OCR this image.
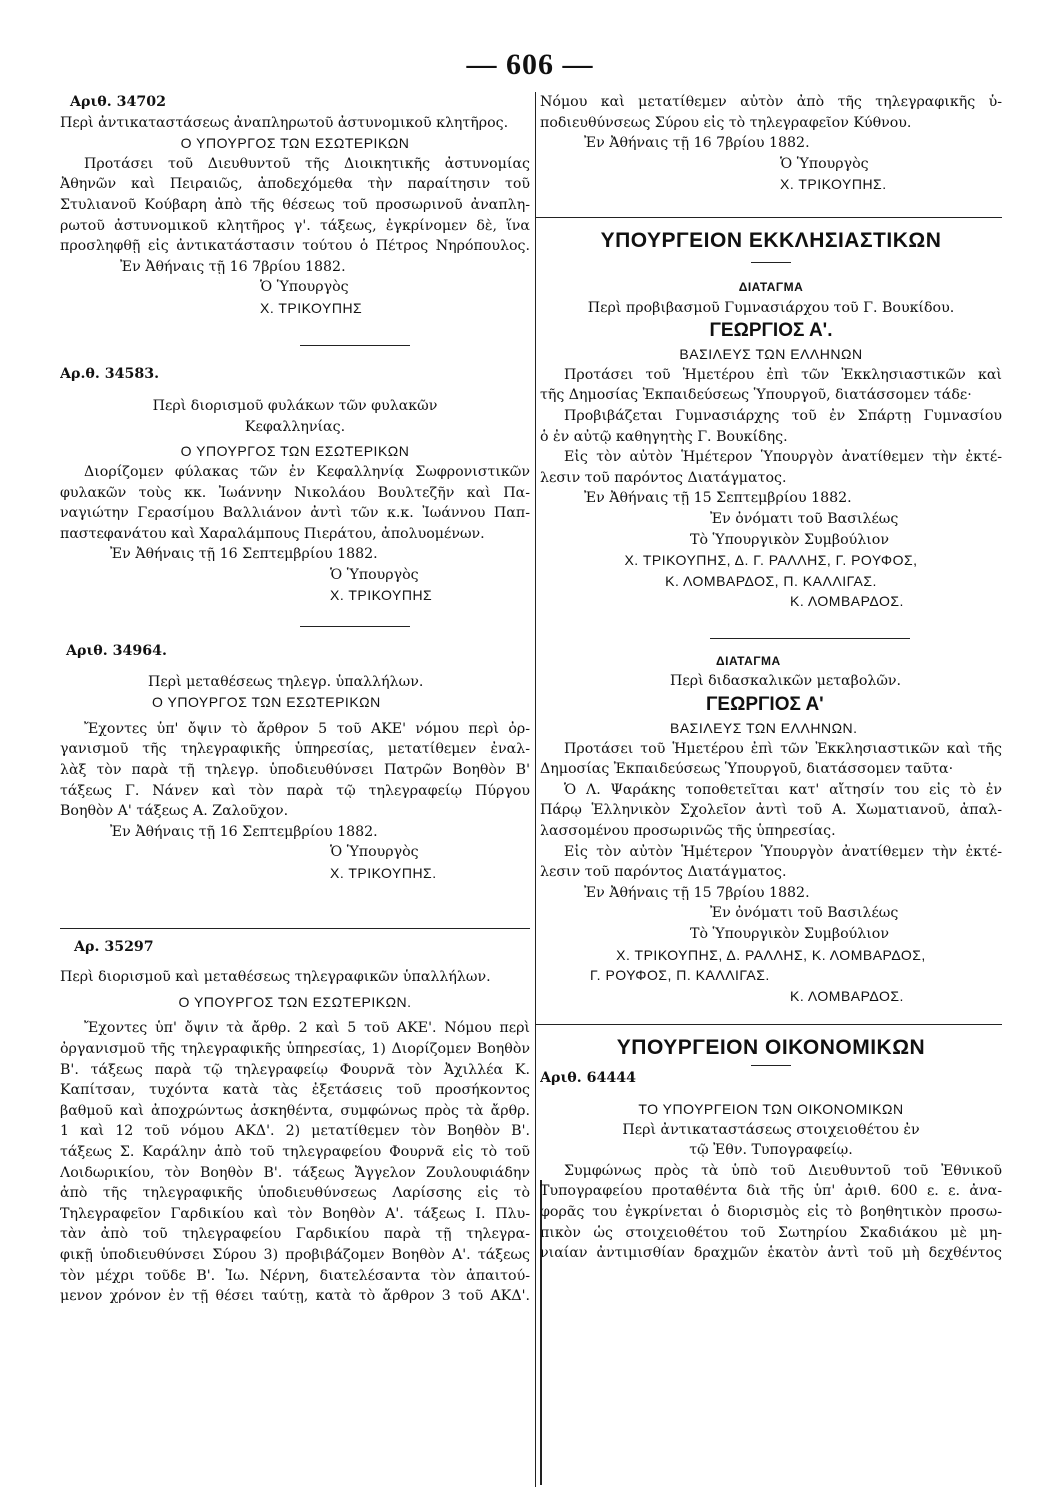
— 606 —
Αριθ. 34702
Περὶ ἀντικαταστάσεως ἀναπληρωτοῦ ἀστυνομικοῦ κλητῆρος.
Ο ΥΠΟΥΡΓΟΣ ΤΩΝ ΕΣΩΤΕΡΙΚΩΝ
Προτάσει τοῦ Διευθυντοῦ τῆς Διοικητικῆς ἀστυνομίας
Ἀθηνῶν καὶ Πειραιῶς, ἀποδεχόμεθα τὴν παραίτησιν τοῦ
Στυλιανοῦ Κούβαρη ἀπὸ τῆς θέσεως τοῦ προσωρινοῦ ἀναπλη-
ρωτοῦ ἀστυνομικοῦ κλητῆρος γ'. τάξεως, ἐγκρίνομεν δὲ, ἵνα
προσληφθῇ εἰς ἀντικατάστασιν τούτου ὁ Πέτρος Νηρόπουλος.
Ἐν Ἀθήναις τῇ 16 7βρίου 1882.
Ὁ Ὑπουργὸς
Χ. ΤΡΙΚΟΥΠΗΣ
Αρ.θ. 34583.
Περὶ διορισμοῦ φυλάκων τῶν φυλακῶν
Κεφαλληνίας.
Ο ΥΠΟΥΡΓΟΣ ΤΩΝ ΕΣΩΤΕΡΙΚΩΝ
Διορίζομεν φύλακας τῶν ἐν Κεφαλληνίᾳ Σωφρονιστικῶν
φυλακῶν τοὺς κκ. Ἰωάννην Νικολάου Βουλτεζῆν καὶ Πα-
ναγιώτην Γερασίμου Βαλλιάνον ἀντὶ τῶν κ.κ. Ἰωάννου Παπ-
παστεφανάτου καὶ Χαραλάμπους Πιεράτου, ἀπολυομένων.
Ἐν Ἀθήναις τῇ 16 Σεπτεμβρίου 1882.
Ὁ Ὑπουργὸς
Χ. ΤΡΙΚΟΥΠΗΣ
Αριθ. 34964.
Περὶ μεταθέσεως τηλεγρ. ὑπαλλήλων.
Ο ΥΠΟΥΡΓΟΣ ΤΩΝ ΕΣΩΤΕΡΙΚΩΝ
Ἔχοντες ὑπ' ὄψιν τὸ ἄρθρον 5 τοῦ ΑΚΕ' νόμου περὶ ὀρ-
γανισμοῦ τῆς τηλεγραφικῆς ὑπηρεσίας, μετατίθεμεν ἐναλ-
λὰξ τὸν παρὰ τῇ τηλεγρ. ὑποδιευθύνσει Πατρῶν Βοηθὸν Β'
τάξεως Γ. Νάνεν καὶ τὸν παρὰ τῷ τηλεγραφείῳ Πύργου
Βοηθὸν Α' τάξεως Α. Ζαλοῦχον.
Ἐν Ἀθήναις τῇ 16 Σεπτεμβρίου 1882.
Ὁ Ὑπουργὸς
Χ. ΤΡΙΚΟΥΠΗΣ.
Αρ. 35297
Περὶ διορισμοῦ καὶ μεταθέσεως τηλεγραφικῶν ὑπαλλήλων.
Ο ΥΠΟΥΡΓΟΣ ΤΩΝ ΕΣΩΤΕΡΙΚΩΝ.
Ἔχοντες ὑπ' ὄψιν τὰ ἄρθρ. 2 καὶ 5 τοῦ ΑΚΕ'. Νόμου περὶ
ὀργανισμοῦ τῆς τηλεγραφικῆς ὑπηρεσίας, 1) Διορίζομεν Βοηθὸν
Β'. τάξεως παρὰ τῷ τηλεγραφείῳ Φουρνᾶ τὸν Ἀχιλλέα Κ.
Καπίτσαν, τυχόντα κατὰ τὰς ἐξετάσεις τοῦ προσήκοντος
βαθμοῦ καὶ ἀποχρώντως ἀσκηθέντα, συμφώνως πρὸς τὰ ἄρθρ.
1 καὶ 12 τοῦ νόμου ΑΚΔ'. 2) μετατίθεμεν τὸν Βοηθὸν Β'.
τάξεως Σ. Καράλην ἀπὸ τοῦ τηλεγραφείου Φουρνᾶ εἰς τὸ τοῦ
Λοιδωρικίου, τὸν Βοηθὸν Β'. τάξεως Ἄγγελον Ζουλουφιάδην
ἀπὸ τῆς τηλεγραφικῆς ὑποδιευθύνσεως Λαρίσσης εἰς τὸ
Τηλεγραφεῖον Γαρδικίου καὶ τὸν Βοηθὸν Α'. τάξεως Ι. Πλυ-
τὰν ἀπὸ τοῦ τηλεγραφείου Γαρδικίου παρὰ τῇ τηλεγρα-
φικῇ ὑποδιευθύνσει Σύρου 3) προβιβάζομεν Βοηθὸν Α'. τάξεως
τὸν μέχρι τοῦδε Β'. Ἰω. Νέρνη, διατελέσαντα τὸν ἀπαιτού-
μενον χρόνον ἐν τῇ θέσει ταύτῃ, κατὰ τὸ ἄρθρον 3 τοῦ ΑΚΔ'.
Νόμου καὶ μετατίθεμεν αὐτὸν ἀπὸ τῆς τηλεγραφικῆς ὑ-
ποδιευθύνσεως Σύρου εἰς τὸ τηλεγραφεῖον Κύθνου.
Ἐν Ἀθήναις τῇ 16 7βρίου 1882.
Ὁ Ὑπουργὸς
Χ. ΤΡΙΚΟΥΠΗΣ.
ΥΠΟΥΡΓΕΙΟΝ ΕΚΚΛΗΣΙΑΣΤΙΚΩΝ
ΔΙΑΤΑΓΜΑ
Περὶ προβιβασμοῦ Γυμνασιάρχου τοῦ Γ. Βουκίδου.
ΓΕΩΡΓΙΟΣ Α'.
ΒΑΣΙΛΕΥΣ ΤΩΝ ΕΛΛΗΝΩΝ
Προτάσει τοῦ Ἡμετέρου ἐπὶ τῶν Ἐκκλησιαστικῶν καὶ
τῆς Δημοσίας Ἐκπαιδεύσεως Ὑπουργοῦ, διατάσσομεν τάδε·
Προβιβάζεται Γυμνασιάρχης τοῦ ἐν Σπάρτῃ Γυμνασίου
ὁ ἐν αὐτῷ καθηγητὴς Γ. Βουκίδης.
Εἰς τὸν αὐτὸν Ἡμέτερον Ὑπουργὸν ἀνατίθεμεν τὴν ἐκτέ-
λεσιν τοῦ παρόντος Διατάγματος.
Ἐν Ἀθήναις τῇ 15 Σεπτεμβρίου 1882.
Ἐν ὀνόματι τοῦ Βασιλέως
Τὸ Ὑπουργικὸν Συμβούλιον
Χ. ΤΡΙΚΟΥΠΗΣ, Δ. Γ. ΡΑΛΛΗΣ, Γ. ΡΟΥΦΟΣ,
Κ. ΛΟΜΒΑΡΔΟΣ, Π. ΚΑΛΛΙΓΑΣ.
Κ. ΛΟΜΒΑΡΔΟΣ.
ΔΙΑΤΑΓΜΑ
Περὶ διδασκαλικῶν μεταβολῶν.
ΓΕΩΡΓΙΟΣ Α'
ΒΑΣΙΛΕΥΣ ΤΩΝ ΕΛΛΗΝΩΝ.
Προτάσει τοῦ Ἡμετέρου ἐπὶ τῶν Ἐκκλησιαστικῶν καὶ τῆς
Δημοσίας Ἐκπαιδεύσεως Ὑπουργοῦ, διατάσσομεν ταῦτα·
Ὁ Λ. Ψαράκης τοποθετεῖται κατ' αἴτησίν του εἰς τὸ ἐν
Πάρῳ Ἑλληνικὸν Σχολεῖον ἀντὶ τοῦ Α. Χωματιανοῦ, ἀπαλ-
λασσομένου προσωρινῶς τῆς ὑπηρεσίας.
Εἰς τὸν αὐτὸν Ἡμέτερον Ὑπουργὸν ἀνατίθεμεν τὴν ἐκτέ-
λεσιν τοῦ παρόντος Διατάγματος.
Ἐν Ἀθήναις τῇ 15 7βρίου 1882.
Ἐν ὀνόματι τοῦ Βασιλέως
Τὸ Ὑπουργικὸν Συμβούλιον
Χ. ΤΡΙΚΟΥΠΗΣ, Δ. ΡΑΛΛΗΣ, Κ. ΛΟΜΒΑΡΔΟΣ,
Γ. ΡΟΥΦΟΣ, Π. ΚΑΛΛΙΓΑΣ.
Κ. ΛΟΜΒΑΡΔΟΣ.
ΥΠΟΥΡΓΕΙΟΝ ΟΙΚΟΝΟΜΙΚΩΝ
Αριθ. 64444
ΤΟ ΥΠΟΥΡΓΕΙΟΝ ΤΩΝ ΟΙΚΟΝΟΜΙΚΩΝ
Περὶ ἀντικαταστάσεως στοιχειοθέτου ἐν
τῷ Ἐθν. Τυπογραφείῳ.
Συμφώνως πρὸς τὰ ὑπὸ τοῦ Διευθυντοῦ τοῦ Ἐθνικοῦ
Τυπογραφείου προταθέντα διὰ τῆς ὑπ' ἀριθ. 600 ε. ε. ἀνα-
φορᾶς του ἐγκρίνεται ὁ διορισμὸς εἰς τὸ βοηθητικὸν προσω-
πικὸν ὡς στοιχειοθέτου τοῦ Σωτηρίου Σκαδιάκου μὲ μη-
νιαίαν ἀντιμισθίαν δραχμῶν ἑκατὸν ἀντὶ τοῦ μὴ δεχθέντος
